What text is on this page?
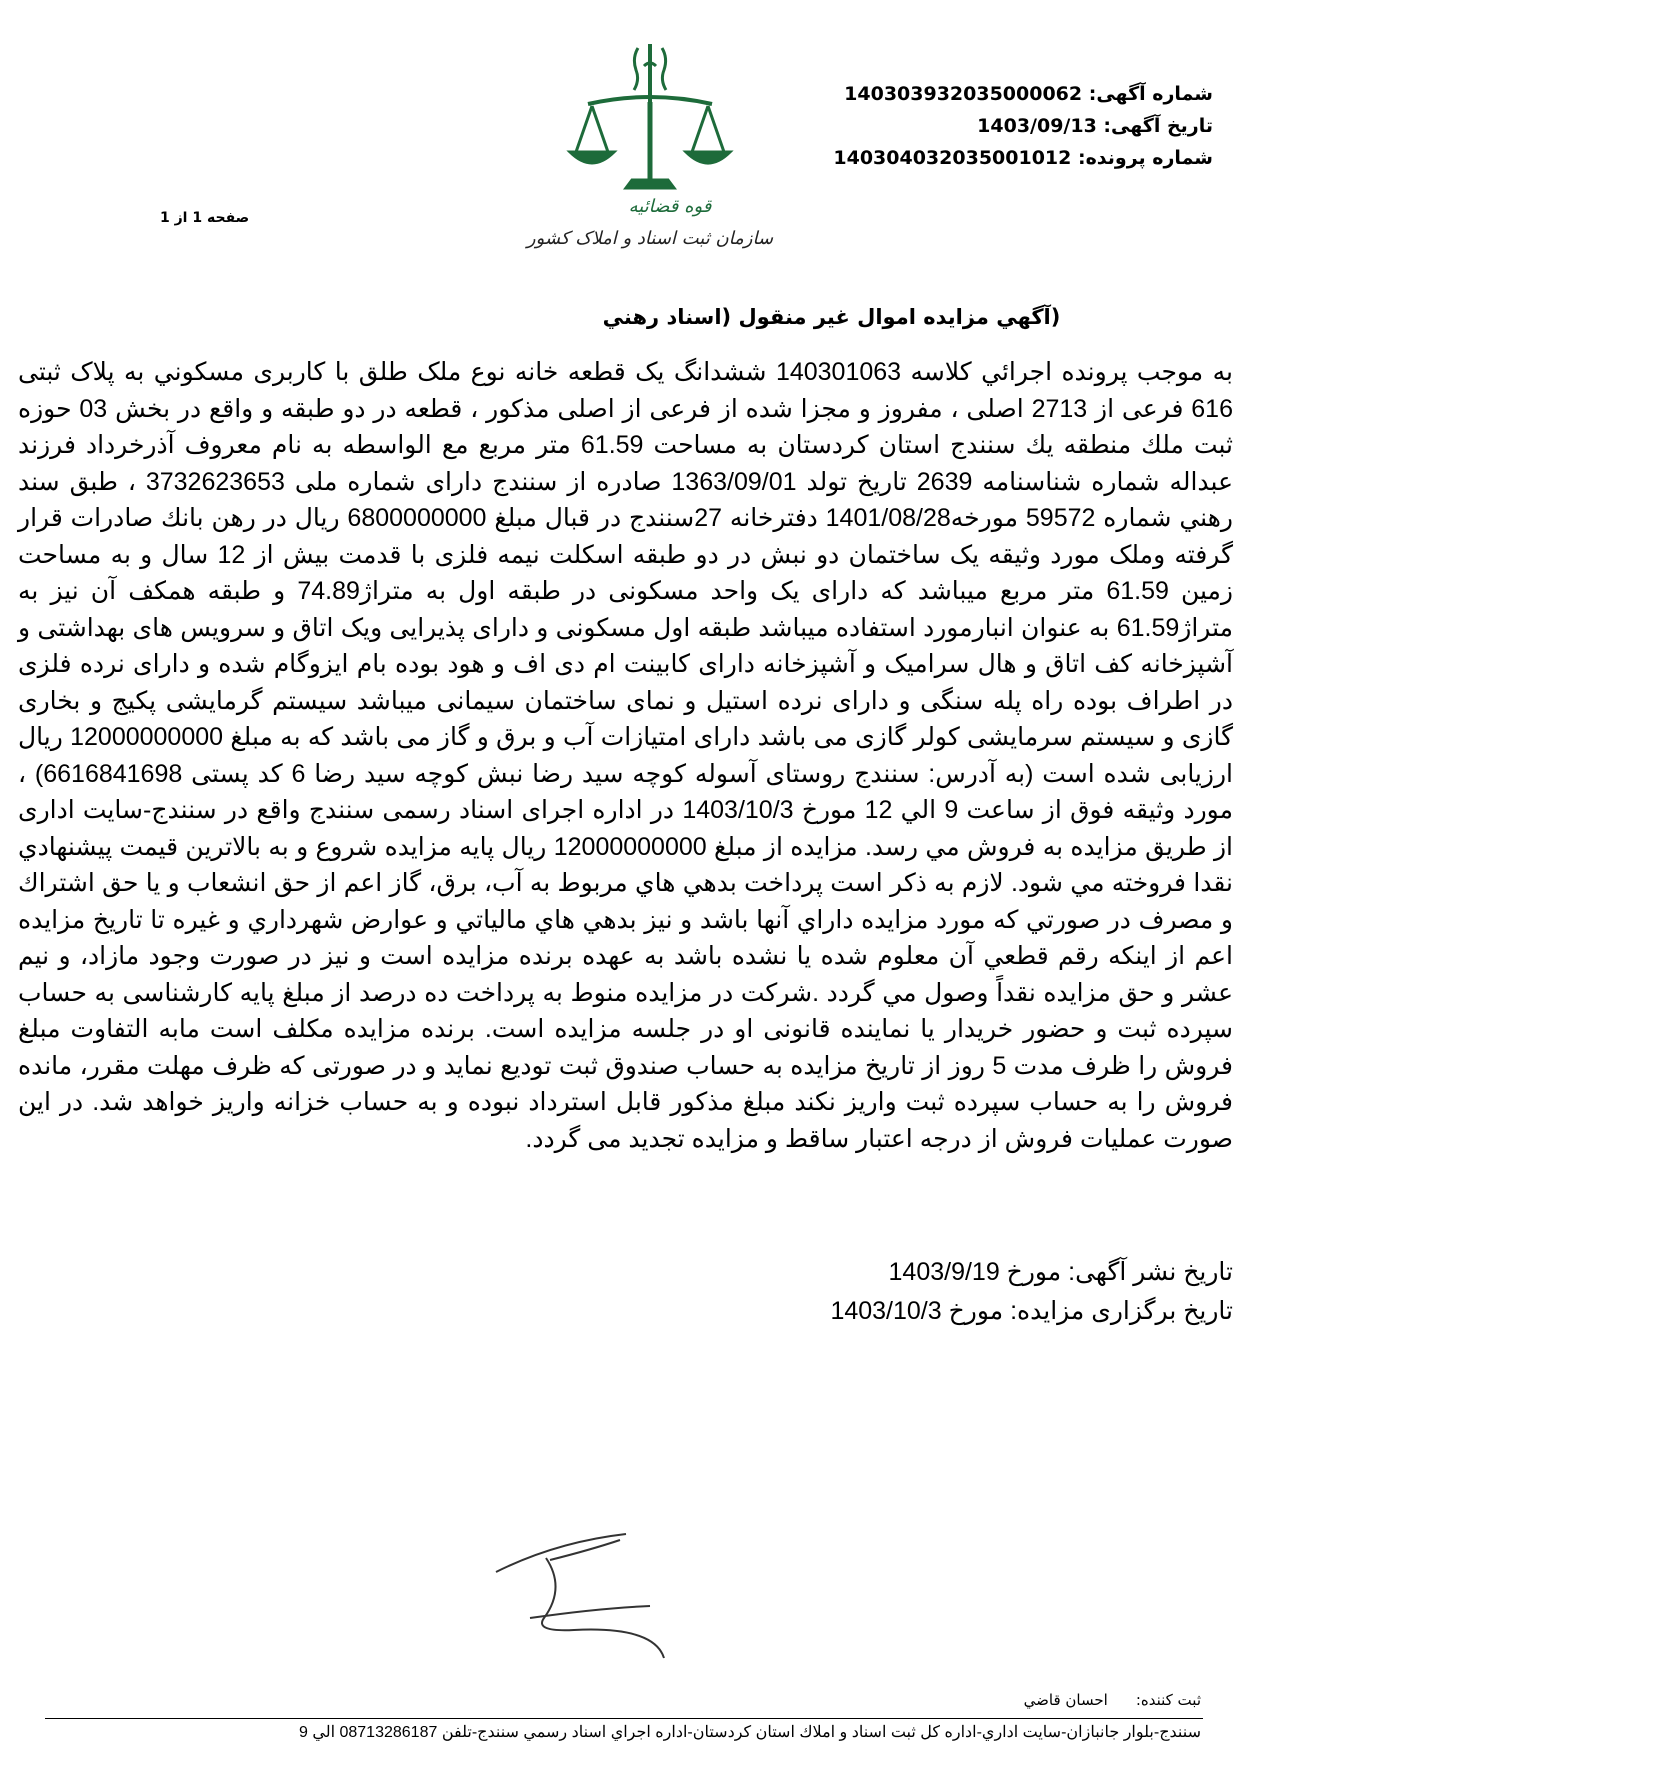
قوه قضائیه
سازمان ثبت اسناد و املاک کشور
شماره آگهی: 14030393203500006‌2
تاریخ آگهی: 1403/09/13
شماره پرونده: 140304032035001012
صفحه 1 از 1
(آگهي مزایده اموال غیر منقول (اسناد رهني

به موجب پرونده اجرائي کلاسه 140301063 ششدانگ یک قطعه خانه نوع ملک طلق با کاربری مسکوني به پلاک ثبتی 616 فرعی از 2713 اصلی ، مفروز و مجزا شده از فرعی از اصلی مذکور ، قطعه در دو طبقه و واقع در بخش 03 حوزه ثبت ملك منطقه یك سنندج استان کردستان به مساحت 61.59 متر مربع مع الواسطه به نام معروف آذرخرداد فرزند عبداله شماره شناسنامه 2639 تاریخ تولد 1363/09/01 صادره از سنندج دارای شماره ملی 3732623653 ، طبق سند رهني شماره 59572 مورخه1401/08/28 دفترخانه 27سنندج در قبال مبلغ 6800000000 ریال در رهن بانك صادرات قرار گرفته وملک مورد وثیقه یک ساختمان دو نبش در دو طبقه اسکلت نیمه فلزی با قدمت بیش از 12 سال و به مساحت زمین 61.59 متر مربع میباشد که دارای یک واحد مسکونی در طبقه اول به متراژ74.89 و طبقه همکف آن نیز به متراژ61.59 به عنوان انبارمورد استفاده میباشد طبقه اول مسکونی و دارای پذیرایی ویک اتاق و سرویس های بهداشتی و آشپزخانه کف اتاق و هال سرامیک و آشپزخانه دارای کابینت ام دی اف و هود بوده بام ایزوگام شده و دارای نرده فلزی در اطراف بوده راه پله سنگی و دارای نرده استیل و نمای ساختمان سیمانی میباشد سیستم گرمایشی پکیج و بخاری گازی و سیستم سرمایشی کولر گازی می باشد دارای امتیازات آب و برق و گاز می باشد که به مبلغ 12000000000 ریال ارزیابی شده است (به آدرس: سنندج روستای آسوله کوچه سید رضا نبش کوچه سید رضا 6 کد پستی 6616841698) ، مورد وثیقه فوق از ساعت 9 الي 12 مورخ 1403/10/3 در اداره اجرای اسناد رسمی سنندج واقع در سنندج-سایت اداری از طریق مزایده به فروش مي رسد. مزایده از مبلغ 12000000000 ریال پایه مزایده شروع و به بالاترین قیمت پیشنهادي نقدا فروخته مي شود. لازم به ذکر است پرداخت بدهي هاي مربوط به آب، برق، گاز اعم از حق انشعاب و یا حق اشتراك و مصرف در صورتي که مورد مزایده داراي آنها باشد و نیز بدهي هاي مالیاتي و عوارض شهرداري و غیره تا تاریخ مزایده اعم از اینکه رقم قطعي آن معلوم شده یا نشده باشد به عهده برنده مزایده است و نیز در صورت وجود مازاد، و نیم عشر و حق مزایده نقداً وصول مي گردد .شرکت در مزایده منوط به پرداخت ده درصد از مبلغ پایه کارشناسی به حساب سپرده ثبت و حضور خریدار یا نماینده قانونی او در جلسه مزایده است. برنده مزایده مکلف است مابه التفاوت مبلغ فروش را ظرف مدت 5 روز از تاریخ مزایده به حساب صندوق ثبت تودیع نماید و در صورتی که ظرف مهلت مقرر، مانده فروش را به حساب سپرده ثبت واریز نکند مبلغ مذکور قابل استرداد نبوده و به حساب خزانه واریز خواهد شد. در این صورت عملیات فروش از درجه اعتبار ساقط و مزایده تجدید می گردد.

تاریخ نشر آگهی: مورخ 1403/9/19
تاریخ برگزاری مزایده: مورخ 1403/10/3
ثبت کننده:احسان قاضي
سنندج-بلوار جانبازان-سایت اداري-اداره کل ثبت اسناد و املاك استان کردستان-اداره اجراي اسناد رسمي سنندج-تلفن 08713286187 الي 9
